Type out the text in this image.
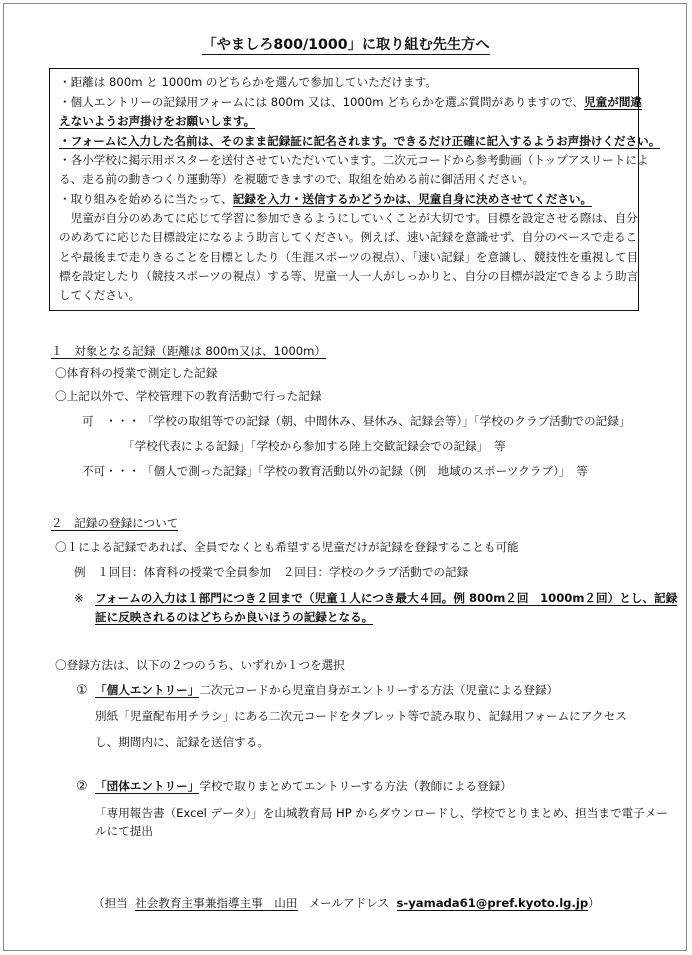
「やましろ800/1000」に取り組む先生方へ
・距離は 800m と 1000m のどちらかを選んで参加していただけます。
・個人エントリーの記録用フォームには 800m 又は、1000m どちらかを選ぶ質問がありますので、児童が間違
えないようお声掛けをお願いします。
・フォームに入力した名前は、そのまま記録証に記名されます。できるだけ正確に記入するようお声掛けください。
・各小学校に掲示用ポスターを送付させていただいています。二次元コードから参考動画（トップアスリートによ
る、走る前の動きつくり運動等）を視聴できますので、取組を始める前に御活用ください。
・取り組みを始めるに当たって、記録を入力・送信するかどうかは、児童自身に決めさせてください。
　児童が自分のめあてに応じて学習に参加できるようにしていくことが大切です。目標を設定させる際は、自分
のめあてに応じた目標設定になるよう助言してください。例えば、速い記録を意識せず、自分のペースで走るこ
とや最後まで走りきることを目標としたり（生涯スポーツの視点）、「速い記録」を意識し、競技性を重視して目
標を設定したり（競技スポーツの視点）する等、児童一人一人がしっかりと、自分の目標が設定できるよう助言
してください。
１　対象となる記録（距離は 800m又は、1000m）
〇体育科の授業で測定した記録
〇上記以外で、学校管理下の教育活動で行った記録
可　・・・ 「学校の取組等での記録（朝、中間休み、昼休み、記録会等）」「学校のクラブ活動での記録」
「学校代表による記録」「学校から参加する陸上交歓記録会での記録」　等
不可・・・ 「個人で測った記録」「学校の教育活動以外の記録（例　地域のスポーツクラブ）」　等
２　記録の登録について
〇１による記録であれば、全員でなくとも希望する児童だけが記録を登録することも可能
例　１回目：体育科の授業で全員参加　２回目：学校のクラブ活動での記録
※ フォームの入力は１部門につき２回まで（児童１人につき最大４回。例 800m２回　1000m２回）とし、記録
証に反映されるのはどちらか良いほうの記録となる。
〇登録方法は、以下の２つのうち、いずれか１つを選択
① 「個人エントリー」二次元コードから児童自身がエントリーする方法（児童による登録）
別紙「児童配布用チラシ」にある二次元コードをタブレット等で読み取り、記録用フォームにアクセス
し、期間内に、記録を送信する。
② 「団体エントリー」学校で取りまとめてエントリーする方法（教師による登録）
「専用報告書（Excel データ）」を山城教育局 HP からダウンロードし、学校でとりまとめ、担当まで電子メー
ルにて提出
（担当 社会教育主事兼指導主事　山田 メールアドレス s-yamada61@pref.kyoto.lg.jp）
